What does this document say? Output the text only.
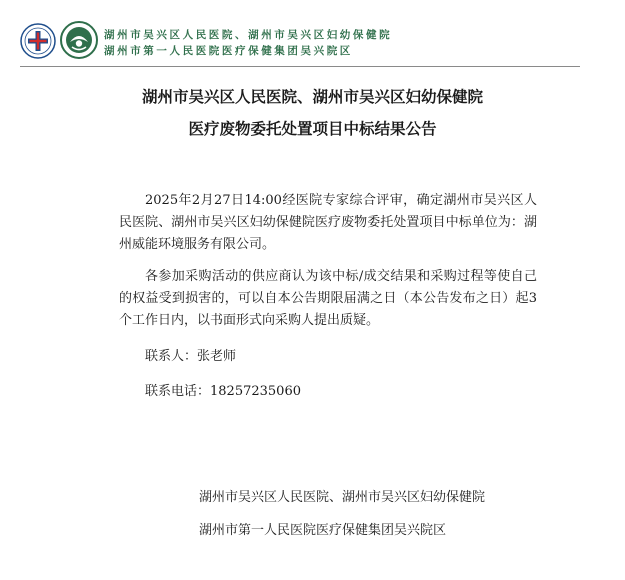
湖州市吴兴区人民医院、湖州市吴兴区妇幼保健院
湖州市第一人民医院医疗保健集团吴兴院区
湖州市吴兴区人民医院、湖州市吴兴区妇幼保健院
医疗废物委托处置项目中标结果公告

2025年2月27日14:00经医院专家综合评审，确定湖州市吴兴区人民医院、湖州市吴兴区妇幼保健院医疗废物委托处置项目中标单位为：湖州威能环境服务有限公司。

各参加采购活动的供应商认为该中标/成交结果和采购过程等使自己的权益受到损害的，可以自本公告期限届满之日（本公告发布之日）起3个工作日内，以书面形式向采购人提出质疑。

联系人：张老师
联系电话：18257235060
湖州市吴兴区人民医院、湖州市吴兴区妇幼保健院
湖州市第一人民医院医疗保健集团吴兴院区
